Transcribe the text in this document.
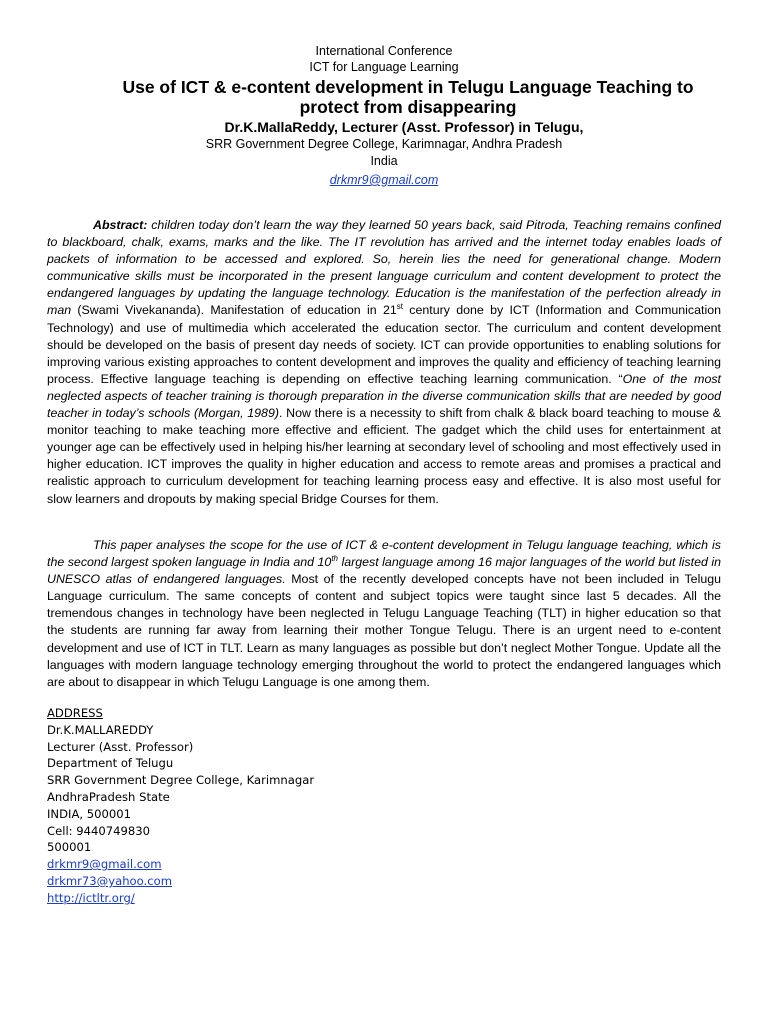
International Conference
ICT for Language Learning
Use of ICT & e-content development in Telugu Language Teaching to
protect from disappearing
Dr.K.MallaReddy, Lecturer (Asst. Professor) in Telugu,
SRR Government Degree College, Karimnagar, Andhra Pradesh
India
drkmr9@gmail.com

Abstract: children today don’t learn the way they learned 50 years back, said Pitroda, Teaching remains confined to blackboard, chalk, exams, marks and the like. The IT revolution has arrived and the internet today enables loads of packets of information to be accessed and explored. So, herein lies the need for generational change. Modern communicative skills must be incorporated in the present language curriculum and content development to protect the endangered languages by updating the language technology. Education is the manifestation of the perfection already in man (Swami Vivekananda). Manifestation of education in 21st century done by ICT (Information and Communication Technology) and use of multimedia which accelerated the education sector. The curriculum and content development should be developed on the basis of present day needs of society. ICT can provide opportunities to enabling solutions for improving various existing approaches to content development and improves the quality and efficiency of teaching learning process. Effective language teaching is depending on effective teaching learning communication. “One of the most neglected aspects of teacher training is thorough preparation in the diverse communication skills that are needed by good teacher in today’s schools (Morgan, 1989). Now there is a necessity to shift from chalk & black board teaching to mouse & monitor teaching to make teaching more effective and efficient. The gadget which the child uses for entertainment at younger age can be effectively used in helping his/her learning at secondary level of schooling and most effectively used in higher education. ICT improves the quality in higher education and access to remote areas and promises a practical and realistic approach to curriculum development for teaching learning process easy and effective. It is also most useful for slow learners and dropouts by making special Bridge Courses for them.

This paper analyses the scope for the use of ICT & e-content development in Telugu language teaching, which is the second largest spoken language in India and 10th largest language among 16 major languages of the world but listed in UNESCO atlas of endangered languages. Most of the recently developed concepts have not been included in Telugu Language curriculum. The same concepts of content and subject topics were taught since last 5 decades. All the tremendous changes in technology have been neglected in Telugu Language Teaching (TLT) in higher education so that the students are running far away from learning their mother Tongue Telugu. There is an urgent need to e-content development and use of ICT in TLT. Learn as many languages as possible but don’t neglect Mother Tongue. Update all the languages with modern language technology emerging throughout the world to protect the endangered languages which are about to disappear in which Telugu Language is one among them.

ADDRESS
Dr.K.MALLAREDDY
Lecturer (Asst. Professor)
Department of Telugu
SRR Government Degree College, Karimnagar
AndhraPradesh State
INDIA, 500001
Cell: 9440749830
500001
drkmr9@gmail.com
drkmr73@yahoo.com
http://ictltr.org/
